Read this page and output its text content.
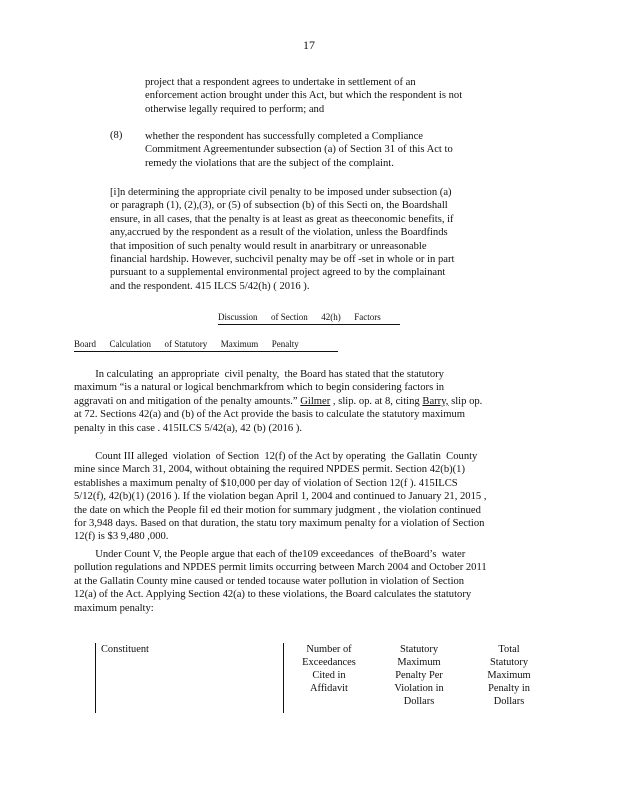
17
project that a respondent agrees to undertake in settlement of an
enforcement action brought under this Act, but which the respondent is not
otherwise legally required to perform; and
(8) whether the respondent has successfully completed a Compliance
Commitment Agreementunder subsection (a) of Section 31 of this Act to
remedy the violations that are the subject of the complaint.
[i]n determining the appropriate civil penalty to be imposed under subsection (a)
or paragraph (1), (2),(3), or (5) of subsection (b) of this Secti on, the Boardshall
ensure, in all cases, that the penalty is at least as great as theeconomic benefits, if
any,accrued by the respondent as a result of the violation, unless the Boardfinds
that imposition of such penalty would result in anarbitrary or unreasonable
financial hardship. However, suchcivil penalty may be off -set in whole or in part
pursuant to a supplemental environmental project agreed to by the complainant
and the respondent. 415 ILCS 5/42(h) ( 2016 ).
Discussion      of Section      42(h)      Factors
Board      Calculation      of Statutory      Maximum      Penalty
In calculating  an appropriate  civil penalty,  the Board has stated that the statutory
maximum “is a natural or logical benchmarkfrom which to begin considering factors in
aggravati on and mitigation of the penalty amounts.” Gilmer , slip. op. at 8, citing Barry, slip op.
at 72. Sections 42(a) and (b) of the Act provide the basis to calculate the statutory maximum
penalty in this case . 415ILCS 5/42(a), 42 (b) (2016 ).
Count III alleged  violation  of Section  12(f) of the Act by operating  the Gallatin  County
mine since March 31, 2004, without obtaining the required NPDES permit. Section 42(b)(1)
establishes a maximum penalty of $10,000 per day of violation of Section 12(f ). 415ILCS
5/12(f), 42(b)(1) (2016 ). If the violation began April 1, 2004 and continued to January 21, 2015 ,
the date on which the People fil ed their motion for summary judgment , the violation continued
for 3,948 days. Based on that duration, the statu tory maximum penalty for a violation of Section
12(f) is $3 9,480 ,000.
Under Count V, the People argue that each of the109 exceedances  of theBoard’s  water
pollution regulations and NPDES permit limits occurring between March 2004 and October 2011
at the Gallatin County mine caused or tended tocause water pollution in violation of Section
12(a) of the Act. Applying Section 42(a) to these violations, the Board calculates the statutory
maximum penalty:
Constituent	Number of
Exceedances
Cited in
Affidavit

Statutory
Maximum
Penalty Per
Violation in
Dollars

Total
Statutory
Maximum
Penalty in
Dollars
